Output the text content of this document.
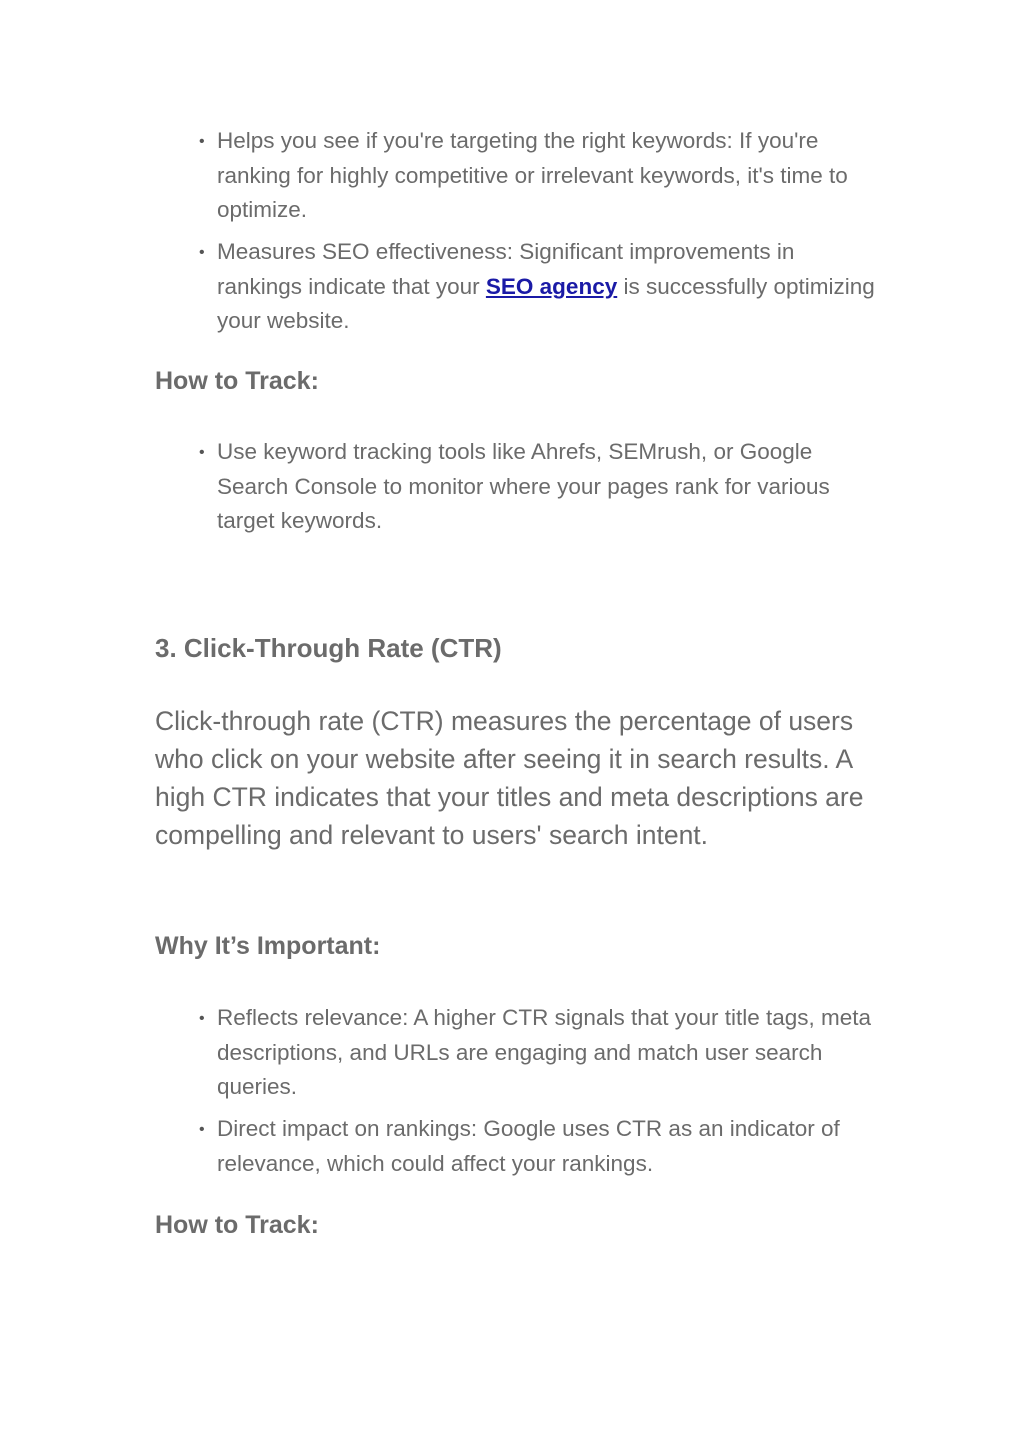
• Helps you see if you're targeting the right keywords: If you're ranking for highly competitive or irrelevant keywords, it's time to optimize.
• Measures SEO effectiveness: Significant improvements in rankings indicate that your SEO agency is successfully optimizing your website.
How to Track:
• Use keyword tracking tools like Ahrefs, SEMrush, or Google Search Console to monitor where your pages rank for various target keywords.
3. Click-Through Rate (CTR)

Click-through rate (CTR) measures the percentage of users who click on your website after seeing it in search results. A high CTR indicates that your titles and meta descriptions are compelling and relevant to users' search intent.

Why It’s Important:
• Reflects relevance: A higher CTR signals that your title tags, meta descriptions, and URLs are engaging and match user search queries.
• Direct impact on rankings: Google uses CTR as an indicator of relevance, which could affect your rankings.
How to Track:
